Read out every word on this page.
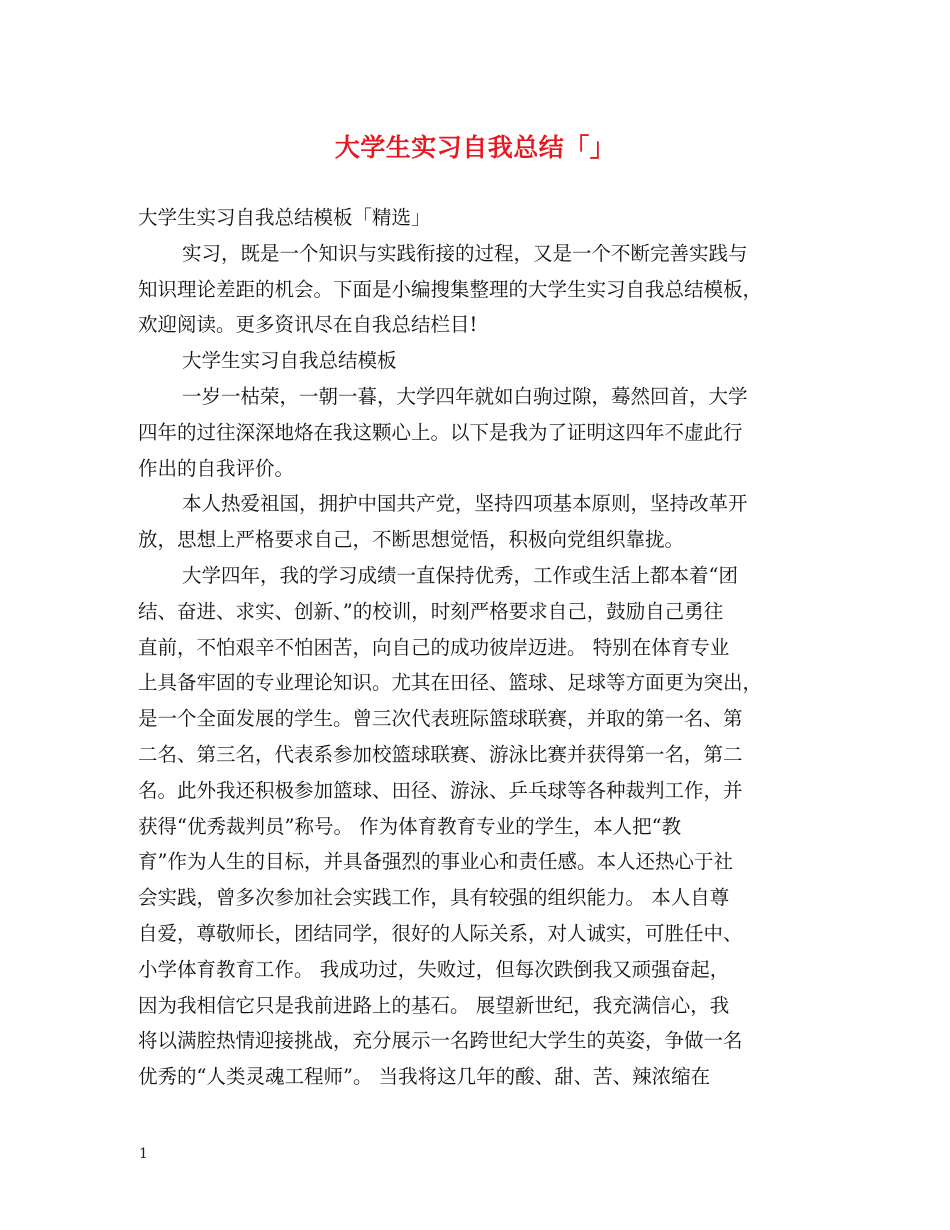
大学生实习自我总结「」
大学生实习自我总结模板「精选」
实习，既是一个知识与实践衔接的过程，又是一个不断完善实践与
知识理论差距的机会。下面是小编搜集整理的大学生实习自我总结模板，
欢迎阅读。更多资讯尽在自我总结栏目!
大学生实习自我总结模板
一岁一枯荣，一朝一暮，大学四年就如白驹过隙，蓦然回首，大学
四年的过往深深地烙在我这颗心上。以下是我为了证明这四年不虚此行
作出的自我评价。
本人热爱祖国，拥护中国共产党，坚持四项基本原则，坚持改革开
放，思想上严格要求自己，不断思想觉悟，积极向党组织靠拢。
大学四年，我的学习成绩一直保持优秀，工作或生活上都本着“团
结、奋进、求实、创新、”的校训，时刻严格要求自己，鼓励自己勇往
直前，不怕艰辛不怕困苦，向自己的成功彼岸迈进。 特别在体育专业
上具备牢固的专业理论知识。尤其在田径、篮球、足球等方面更为突出，
是一个全面发展的学生。曾三次代表班际篮球联赛，并取的第一名、第
二名、第三名，代表系参加校篮球联赛、游泳比赛并获得第一名，第二
名。此外我还积极参加篮球、田径、游泳、乒乓球等各种裁判工作，并
获得“优秀裁判员”称号。 作为体育教育专业的学生，本人把“教
育”作为人生的目标，并具备强烈的事业心和责任感。本人还热心于社
会实践，曾多次参加社会实践工作，具有较强的组织能力。 本人自尊
自爱，尊敬师长，团结同学，很好的人际关系，对人诚实，可胜任中、
小学体育教育工作。 我成功过，失败过，但每次跌倒我又顽强奋起，
因为我相信它只是我前进路上的基石。 展望新世纪，我充满信心，我
将以满腔热情迎接挑战，充分展示一名跨世纪大学生的英姿，争做一名
优秀的“人类灵魂工程师”。 当我将这几年的酸、甜、苦、辣浓缩在
1
